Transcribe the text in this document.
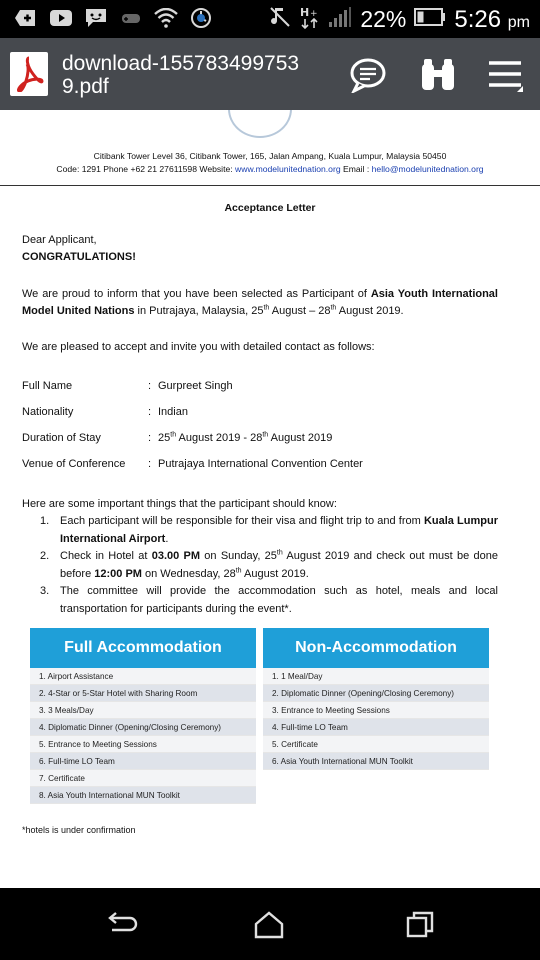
H + 22% 5:26 pm
download-155783499753
9.pdf
Citibank Tower Level 36, Citibank Tower, 165, Jalan Ampang, Kuala Lumpur, Malaysia 50450
Code: 1291 Phone +62 21 27611598 Website: www.modelunitednation.org Email : hello@modelunitednation.org
Acceptance Letter
Dear Applicant,
CONGRATULATIONS!
We are proud to inform that you have been selected as Participant of Asia Youth International Model United Nations in Putrajaya, Malaysia, 25th August – 28th August 2019.
We are pleased to accept and invite you with detailed contact as follows:
Full Name	: Gurpreet Singh
Nationality	: Indian
Duration of Stay	: 25th August 2019 - 28th August 2019
Venue of Conference : Putrajaya International Convention Center
Here are some important things that the participant should know:
1. Each participant will be responsible for their visa and flight trip to and from Kuala Lumpur International Airport.
2. Check in Hotel at 03.00 PM on Sunday, 25th August 2019 and check out must be done before 12:00 PM on Wednesday, 28th August 2019.
3. The committee will provide the accommodation such as hotel, meals and local transportation for participants during the event*.
Full Accommodation
1. Airport Assistance
2. 4-Star or 5-Star Hotel with Sharing Room
3. 3 Meals/Day
4. Diplomatic Dinner (Opening/Closing Ceremony)
5. Entrance to Meeting Sessions
6. Full-time LO Team
7. Certificate
8. Asia Youth International MUN Toolkit
Non-Accommodation
1. 1 Meal/Day
2. Diplomatic Dinner (Opening/Closing Ceremony)
3. Entrance to Meeting Sessions
4. Full-time LO Team
5. Certificate
6. Asia Youth International MUN Toolkit
*hotels is under confirmation
